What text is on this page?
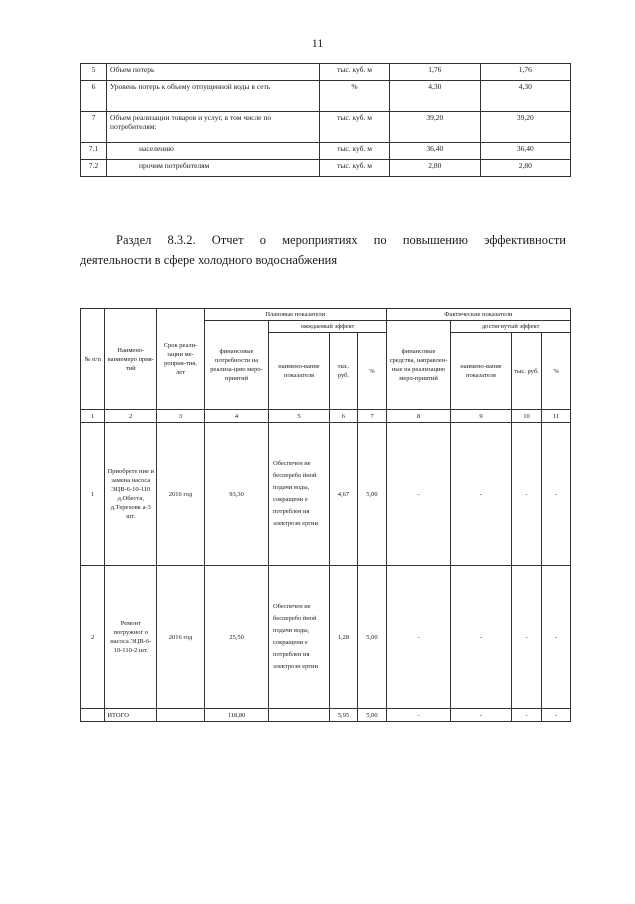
11
5	Объем потерь	тыс. куб. м	1,76	1,76
6	Уровень потерь к объему отпущенной воды в сеть	%	4,30	4,30
7	Объем реализации товаров и услуг, в том числе по потребителям:	тыс. куб. м	39,20	39,20
7.1	населению	тыс. куб. м	36,40	36,40
7.2	прочим потребителям	тыс. куб. м	2,80	2,80
Раздел 8.3.2. Отчет о мероприятиях по повышению эффективности
деятельности в сфере холодного водоснабжения
№ п/п	Наимено-ваниемеро прия-тий	Срок реали-зации ме-роприя-тия, лет	Плановые показатели				Фактические показатели			
			финансовые потребности на реализа-цию меро-приятий	ожидаемый эффект			финансовые средства, направлен-ные на реализацию меро-приятий	достигнутый эффект		
				наимено-вание показателя	тыс. руб.	%		наимено-вание показателя	тыс. руб.	%
1	2	3	4	5	6	7	8	9	10	11
1	Приобрете ние и замена насоса ЭЦВ-6-10-110 д.Обеста, д.Тереховк а-3 шт.	2016 год	93,30	Обеспечен ие бесперебо йной подачи воды, сокращени е потреблен ия электроэн ергии	4,67	5,00	-	-	-	-
2	Ремонт погружног о насоса ЭЦВ-6-10-110-2 шт.	2016 год	25,50	Обеспечен ие бесперебо йной подачи воды, сокращени е потреблен ия электроэн ергии	1,28	5,00	-	-	-	-
	ИТОГО		118,80		5,95	5,00	-	-	-	-
